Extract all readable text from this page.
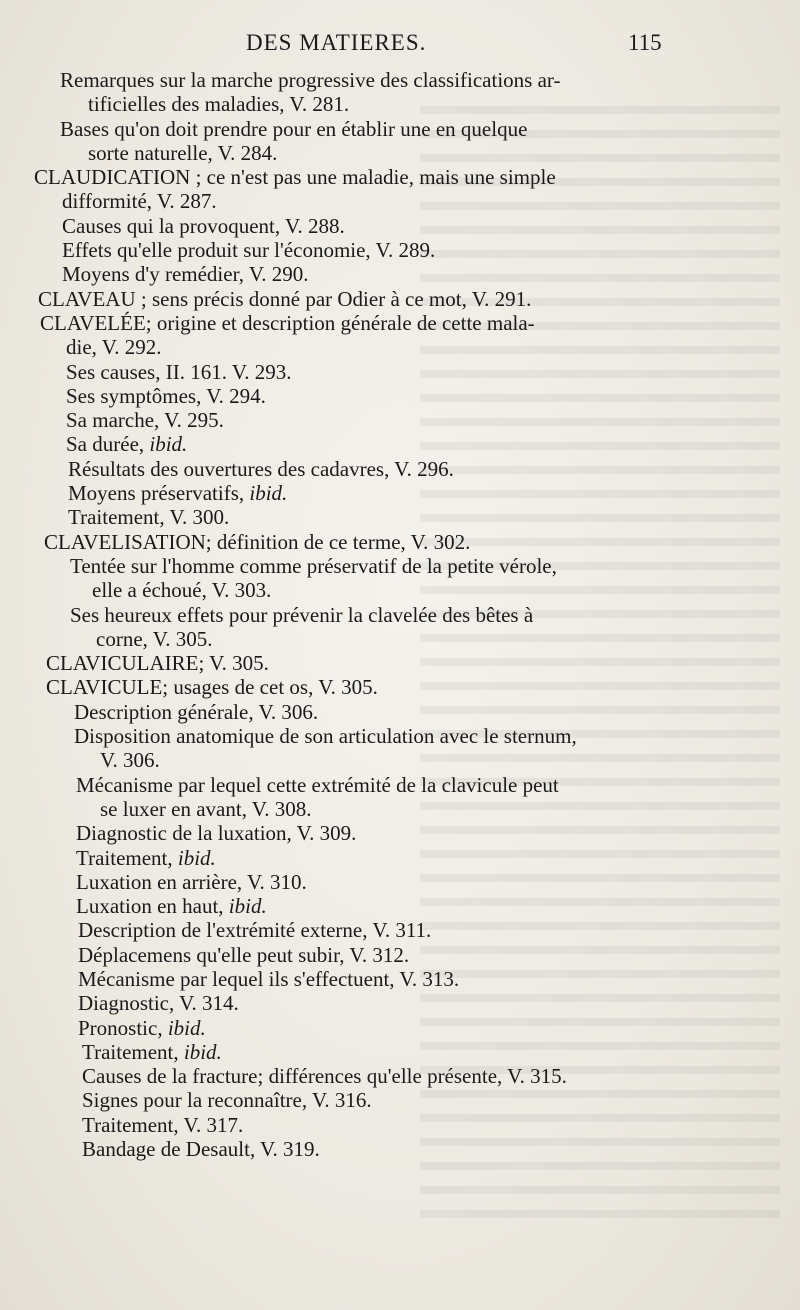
DES MATIERES.	115
Remarques sur la marche progressive des classifications ar-
tificielles des maladies, V. 281.
Bases qu'on doit prendre pour en établir une en quelque
sorte naturelle, V. 284.
CLAUDICATION ; ce n'est pas une maladie, mais une simple
difformité, V. 287.
Causes qui la provoquent, V. 288.
Effets qu'elle produit sur l'économie, V. 289.
Moyens d'y remédier, V. 290.
CLAVEAU ; sens précis donné par Odier à ce mot, V. 291.
CLAVELÉE; origine et description générale de cette mala-
die, V. 292.
Ses causes, II. 161. V. 293.
Ses symptômes, V. 294.
Sa marche, V. 295.
Sa durée, ibid.
Résultats des ouvertures des cadavres, V. 296.
Moyens préservatifs, ibid.
Traitement, V. 300.
CLAVELISATION; définition de ce terme, V. 302.
Tentée sur l'homme comme préservatif de la petite vérole,
elle a échoué, V. 303.
Ses heureux effets pour prévenir la clavelée des bêtes à
corne, V. 305.
CLAVICULAIRE; V. 305.
CLAVICULE; usages de cet os, V. 305.
Description générale, V. 306.
Disposition anatomique de son articulation avec le sternum,
V. 306.
Mécanisme par lequel cette extrémité de la clavicule peut
se luxer en avant, V. 308.
Diagnostic de la luxation, V. 309.
Traitement, ibid.
Luxation en arrière, V. 310.
Luxation en haut, ibid.
Description de l'extrémité externe, V. 311.
Déplacemens qu'elle peut subir, V. 312.
Mécanisme par lequel ils s'effectuent, V. 313.
Diagnostic, V. 314.
Pronostic, ibid.
Traitement, ibid.
Causes de la fracture; différences qu'elle présente, V. 315.
Signes pour la reconnaître, V. 316.
Traitement, V. 317.
Bandage de Desault, V. 319.
